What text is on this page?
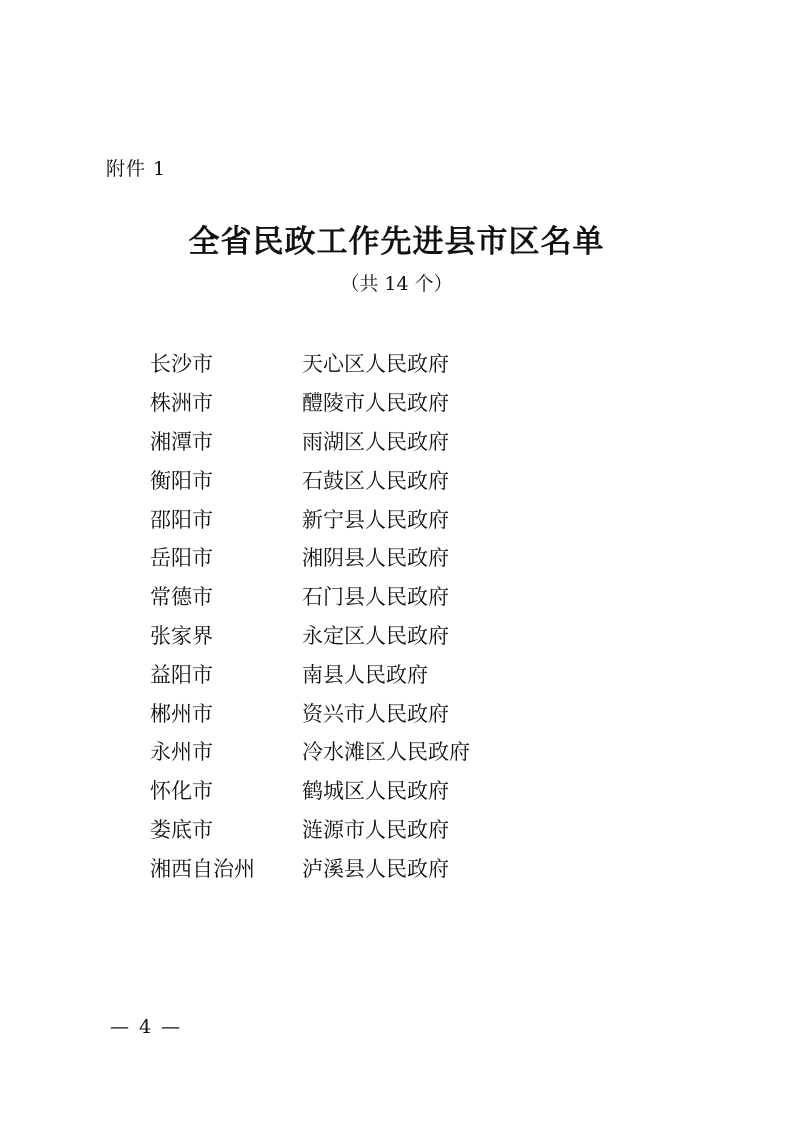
附件 1
全省民政工作先进县市区名单
（共 14 个）
长沙市	天心区人民政府
株洲市	醴陵市人民政府
湘潭市	雨湖区人民政府
衡阳市	石鼓区人民政府
邵阳市	新宁县人民政府
岳阳市	湘阴县人民政府
常德市	石门县人民政府
张家界	永定区人民政府
益阳市	南县人民政府
郴州市	资兴市人民政府
永州市	冷水滩区人民政府
怀化市	鹤城区人民政府
娄底市	涟源市人民政府
湘西自治州	泸溪县人民政府
— 4 —
